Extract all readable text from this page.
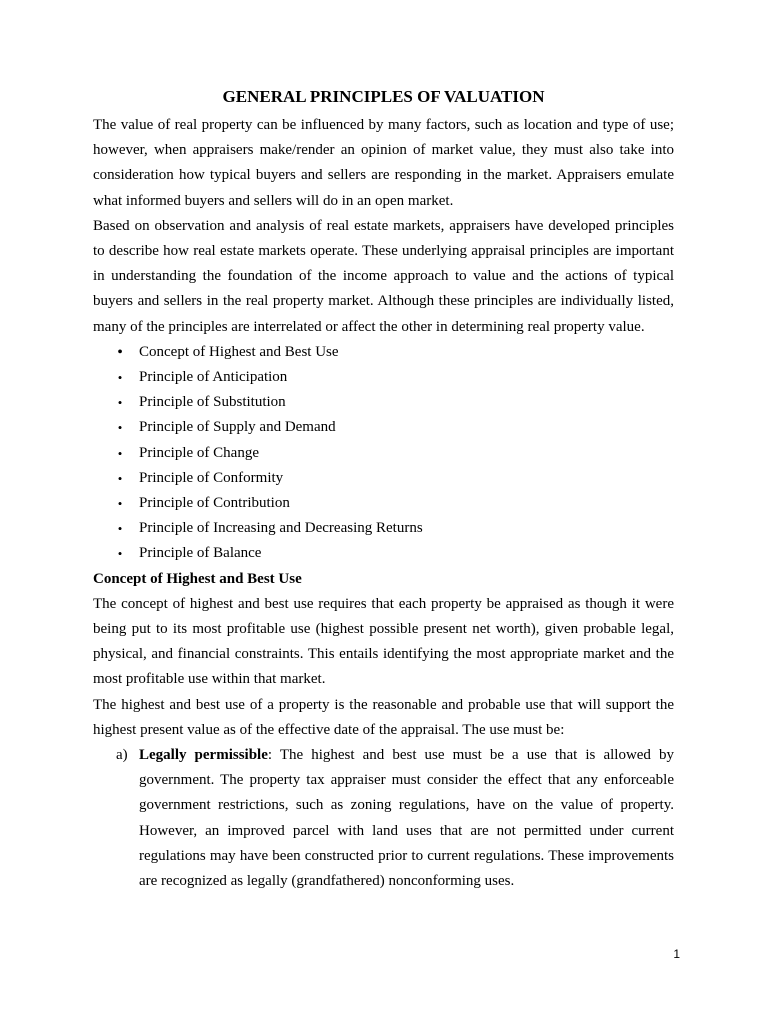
GENERAL PRINCIPLES OF VALUATION

The value of real property can be influenced by many factors, such as location and type of use; however, when appraisers make/render an opinion of market value, they must also take into consideration how typical buyers and sellers are responding in the market. Appraisers emulate what informed buyers and sellers will do in an open market.

Based on observation and analysis of real estate markets, appraisers have developed principles to describe how real estate markets operate. These underlying appraisal principles are important in understanding the foundation of the income approach to value and the actions of typical buyers and sellers in the real property market. Although these principles are individually listed, many of the principles are interrelated or affect the other in determining real property value.

• Concept of Highest and Best Use
• Principle of Anticipation
• Principle of Substitution
• Principle of Supply and Demand
• Principle of Change
• Principle of Conformity
• Principle of Contribution
• Principle of Increasing and Decreasing Returns
• Principle of Balance
Concept of Highest and Best Use

The concept of highest and best use requires that each property be appraised as though it were being put to its most profitable use (highest possible present net worth), given probable legal, physical, and financial constraints. This entails identifying the most appropriate market and the most profitable use within that market.

The highest and best use of a property is the reasonable and probable use that will support the highest present value as of the effective date of the appraisal. The use must be:

a) Legally permissible: The highest and best use must be a use that is allowed by government. The property tax appraiser must consider the effect that any enforceable government restrictions, such as zoning regulations, have on the value of property. However, an improved parcel with land uses that are not permitted under current regulations may have been constructed prior to current regulations. These improvements are recognized as legally (grandfathered) nonconforming uses.
1
